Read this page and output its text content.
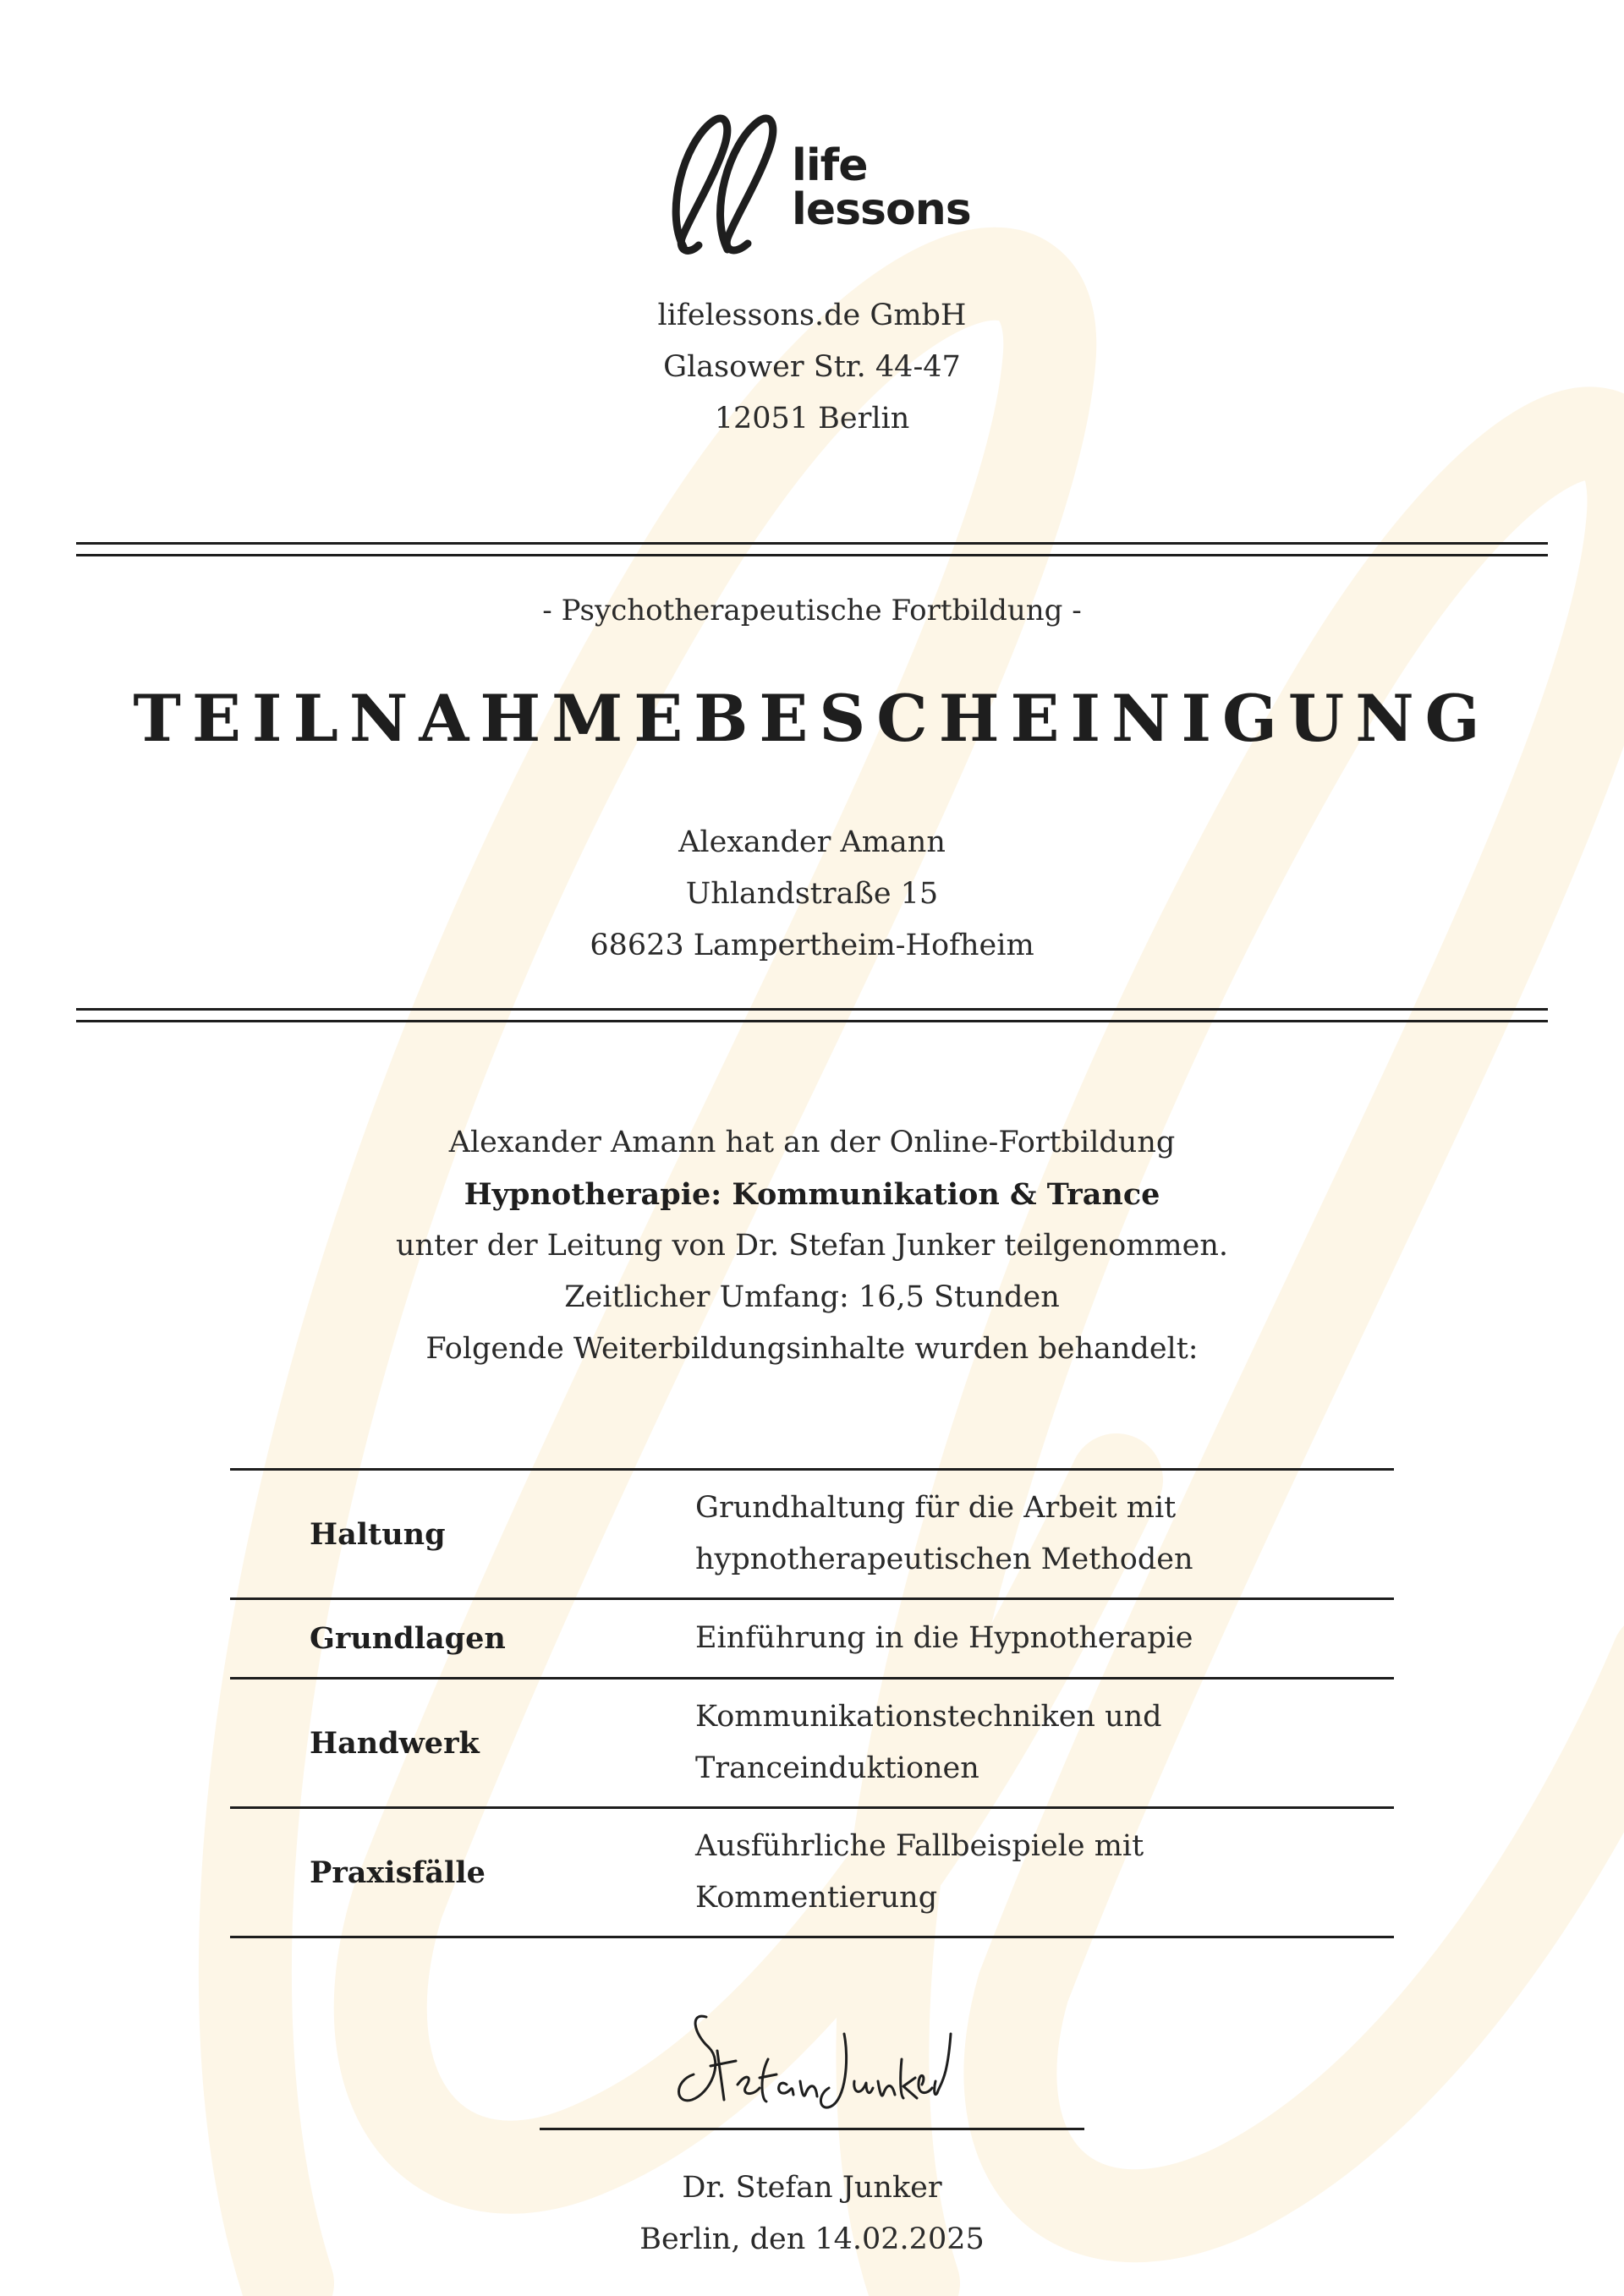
life
lessons
lifelessons.de GmbH
Glasower Str. 44-47
12051 Berlin
- Psychotherapeutische Fortbildung -
TEILNAHMEBESCHEINIGUNG
Alexander Amann
Uhlandstraße 15
68623 Lampertheim-Hofheim
Alexander Amann hat an der Online-Fortbildung
Hypnotherapie: Kommunikation & Trance
unter der Leitung von Dr. Stefan Junker teilgenommen.
Zeitlicher Umfang: 16,5 Stunden
Folgende Weiterbildungsinhalte wurden behandelt:
Haltung
Grundhaltung für die Arbeit mit
hypnotherapeutischen Methoden
Grundlagen	Einführung in die Hypnotherapie
Handwerk
Kommunikationstechniken und
Tranceinduktionen
Praxisfälle
Ausführliche Fallbeispiele mit
Kommentierung
Dr. Stefan Junker
Berlin, den 14.02.2025
